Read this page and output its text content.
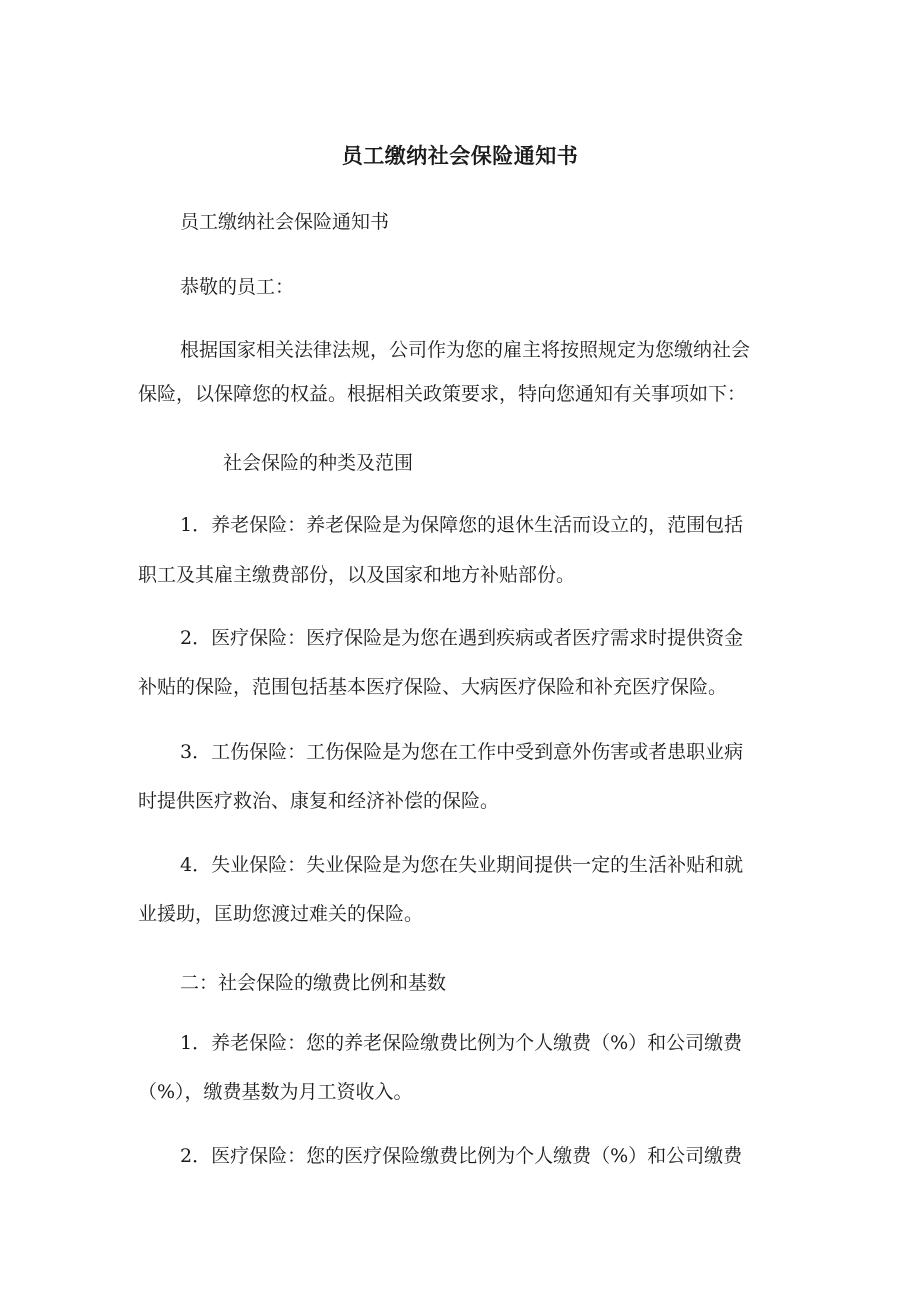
员工缴纳社会保险通知书
员工缴纳社会保险通知书
恭敬的员工：
根据国家相关法律法规，公司作为您的雇主将按照规定为您缴纳社会
保险，以保障您的权益。根据相关政策要求，特向您通知有关事项如下：
社会保险的种类及范围
1．养老保险：养老保险是为保障您的退休生活而设立的，范围包括
职工及其雇主缴费部份，以及国家和地方补贴部份。
2．医疗保险：医疗保险是为您在遇到疾病或者医疗需求时提供资金
补贴的保险，范围包括基本医疗保险、大病医疗保险和补充医疗保险。
3．工伤保险：工伤保险是为您在工作中受到意外伤害或者患职业病
时提供医疗救治、康复和经济补偿的保险。
4．失业保险：失业保险是为您在失业期间提供一定的生活补贴和就
业援助，匡助您渡过难关的保险。
二：社会保险的缴费比例和基数
1．养老保险：您的养老保险缴费比例为个人缴费（%）和公司缴费
（%），缴费基数为月工资收入。
2．医疗保险：您的医疗保险缴费比例为个人缴费（%）和公司缴费
